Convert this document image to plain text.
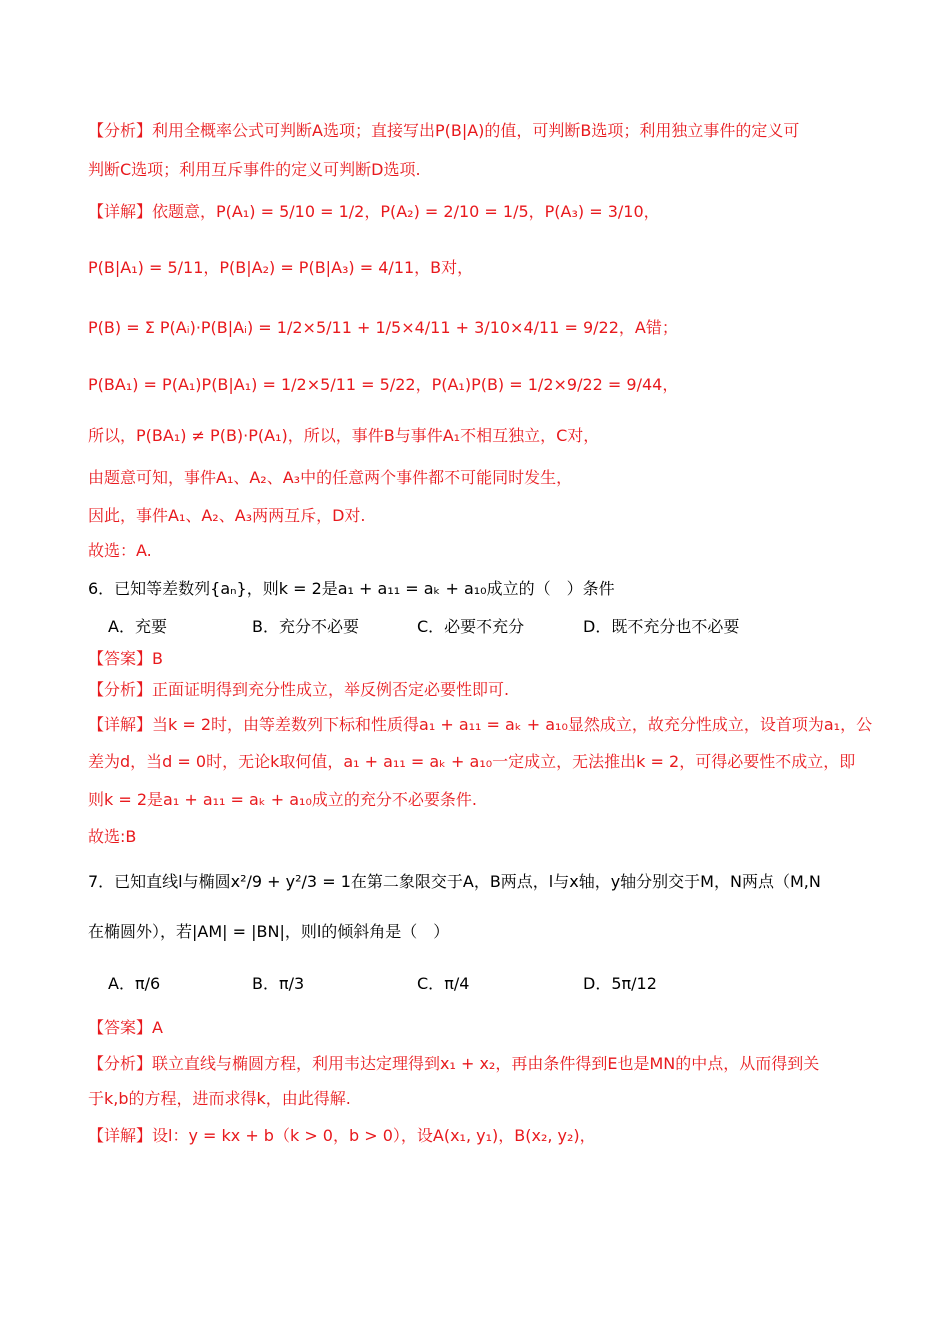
【分析】利用全概率公式可判断A选项；直接写出P(B|A)的值，可判断B选项；利用独立事件的定义可
判断C选项；利用互斥事件的定义可判断D选项.
【详解】依题意，P(A₁) = 5/10 = 1/2，P(A₂) = 2/10 = 1/5，P(A₃) = 3/10，
P(B|A₁) = 5/11，P(B|A₂) = P(B|A₃) = 4/11，B对，
P(B) = Σ P(Aᵢ)·P(B|Aᵢ) = 1/2×5/11 + 1/5×4/11 + 3/10×4/11 = 9/22，A错；
P(BA₁) = P(A₁)P(B|A₁) = 1/2×5/11 = 5/22，P(A₁)P(B) = 1/2×9/22 = 9/44，
所以，P(BA₁) ≠ P(B)·P(A₁)，所以，事件B与事件A₁不相互独立，C对，
由题意可知，事件A₁、A₂、A₃中的任意两个事件都不可能同时发生，
因此，事件A₁、A₂、A₃两两互斥，D对.
故选：A.
6．已知等差数列{aₙ}，则k = 2是a₁ + a₁₁ = aₖ + a₁₀成立的（　）条件
A．充要	B．充分不必要	C．必要不充分	D．既不充分也不必要
【答案】B
【分析】正面证明得到充分性成立，举反例否定必要性即可.
【详解】当k = 2时，由等差数列下标和性质得a₁ + a₁₁ = aₖ + a₁₀显然成立，故充分性成立，设首项为a₁，公
差为d，当d = 0时，无论k取何值，a₁ + a₁₁ = aₖ + a₁₀一定成立，无法推出k = 2，可得必要性不成立，即
则k = 2是a₁ + a₁₁ = aₖ + a₁₀成立的充分不必要条件.
故选:B
7．已知直线l与椭圆x²/9 + y²/3 = 1在第二象限交于A，B两点，l与x轴，y轴分别交于M，N两点（M,N
在椭圆外），若|AM| = |BN|，则l的倾斜角是（　）
A．π/6	B．π/3	C．π/4	D．5π/12
【答案】A
【分析】联立直线与椭圆方程，利用韦达定理得到x₁ + x₂，再由条件得到E也是MN的中点，从而得到关
于k,b的方程，进而求得k，由此得解.
【详解】设l：y = kx + b（k > 0，b > 0），设A(x₁, y₁)，B(x₂, y₂)，
